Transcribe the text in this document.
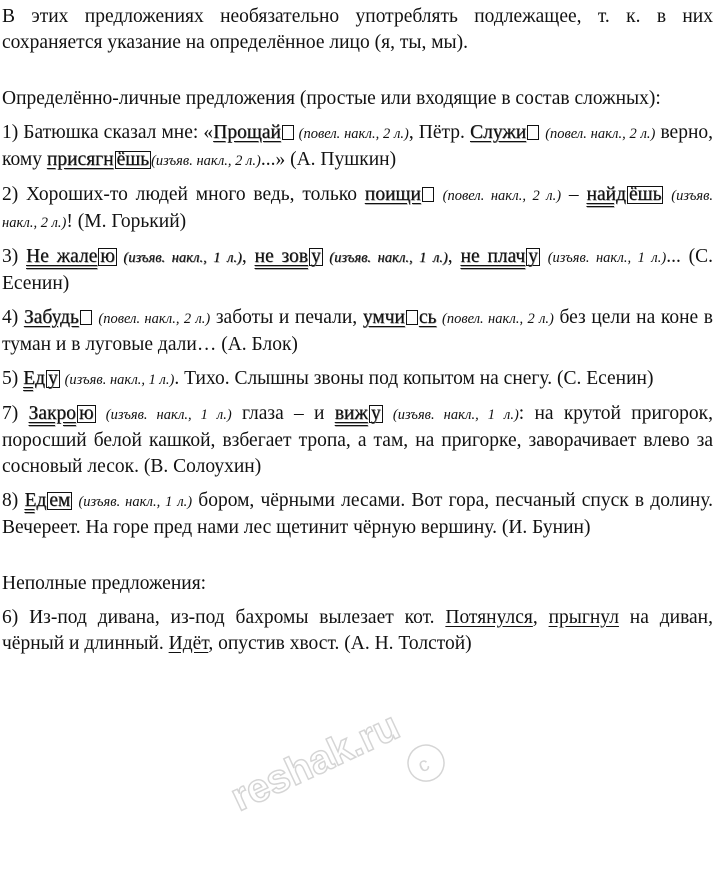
В этих предложениях необязательно употреблять подлежащее, т. к. в них сохраняется указание на определённое лицо (я, ты, мы).

Определённо-личные предложения (простые или входящие в состав сложных):

1) Батюшка сказал мне: «Прощай (повел. накл., 2 л.), Пётр. Служи (повел. накл., 2 л.) верно, кому присягн ёшь (изъяв. накл., 2 л.)...» (А. Пушкин)

2) Хороших-то людей много ведь, только поищи (повел. накл., 2 л.) – найд ёшь (изъяв. накл., 2 л.)! (М. Горький)

3) Не жале ю (изъяв. накл., 1 л.), не зов у (изъяв. накл., 1 л.), не плач у (изъяв. накл., 1 л.)... (С. Есенин)

4) Забудь (повел. накл., 2 л.) заботы и печали, умчи сь (повел. накл., 2 л.) без цели на коне в туман и в луговые дали… (А. Блок)

5) Ед у (изъяв. накл., 1 л.). Тихо. Слышны звоны под копытом на снегу. (С. Есенин)

7) Закро ю (изъяв. накл., 1 л.) глаза – и виж у (изъяв. накл., 1 л.): на крутой пригорок, поросший белой кашкой, взбегает тропа, а там, на пригорке, заворачивает влево за сосновый лесок. (В. Солоухин)

8) Ед ем (изъяв. накл., 1 л.) бором, чёрными лесами. Вот гора, песчаный спуск в долину. Вечереет. На горе пред нами лес щетинит чёрную вершину. (И. Бунин)

Неполные предложения:

6) Из-под дивана, из-под бахромы вылезает кот. Потянулся, прыгнул на диван, чёрный и длинный. Идёт, опустив хвост. (А. Н. Толстой)

reshak.ru c
